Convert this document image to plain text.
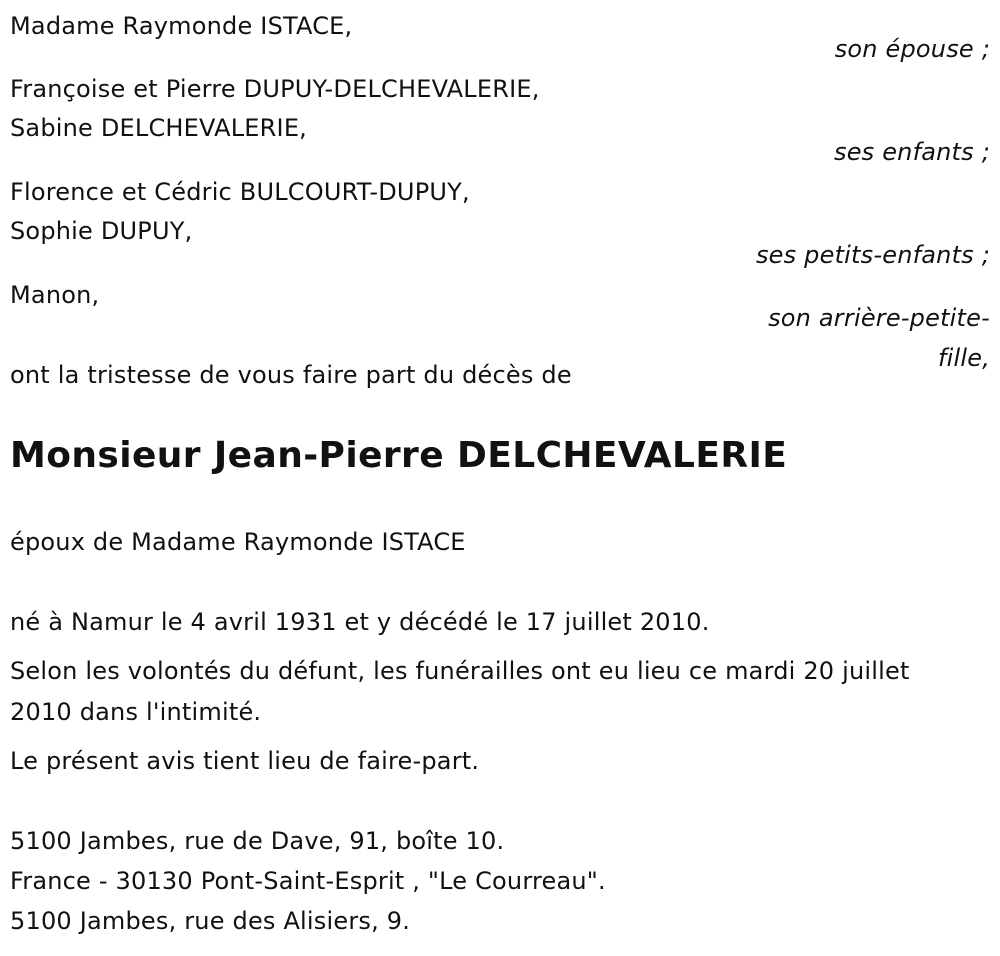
Madame Raymonde ISTACE,
son épouse ;
Françoise et Pierre DUPUY-DELCHEVALERIE,
Sabine DELCHEVALERIE,
ses enfants ;
Florence et Cédric BULCOURT-DUPUY,
Sophie DUPUY,
ses petits-enfants ;
Manon,
son arrière-petite-
fille,
ont la tristesse de vous faire part du décès de
Monsieur Jean-Pierre DELCHEVALERIE
époux de Madame Raymonde ISTACE
né à Namur le 4 avril 1931 et y décédé le 17 juillet 2010.
Selon les volontés du défunt, les funérailles ont eu lieu ce mardi 20 juillet
2010 dans l'intimité.
Le présent avis tient lieu de faire-part.
5100 Jambes, rue de Dave, 91, boîte 10.
France - 30130 Pont-Saint-Esprit , "Le Courreau".
5100 Jambes, rue des Alisiers, 9.
